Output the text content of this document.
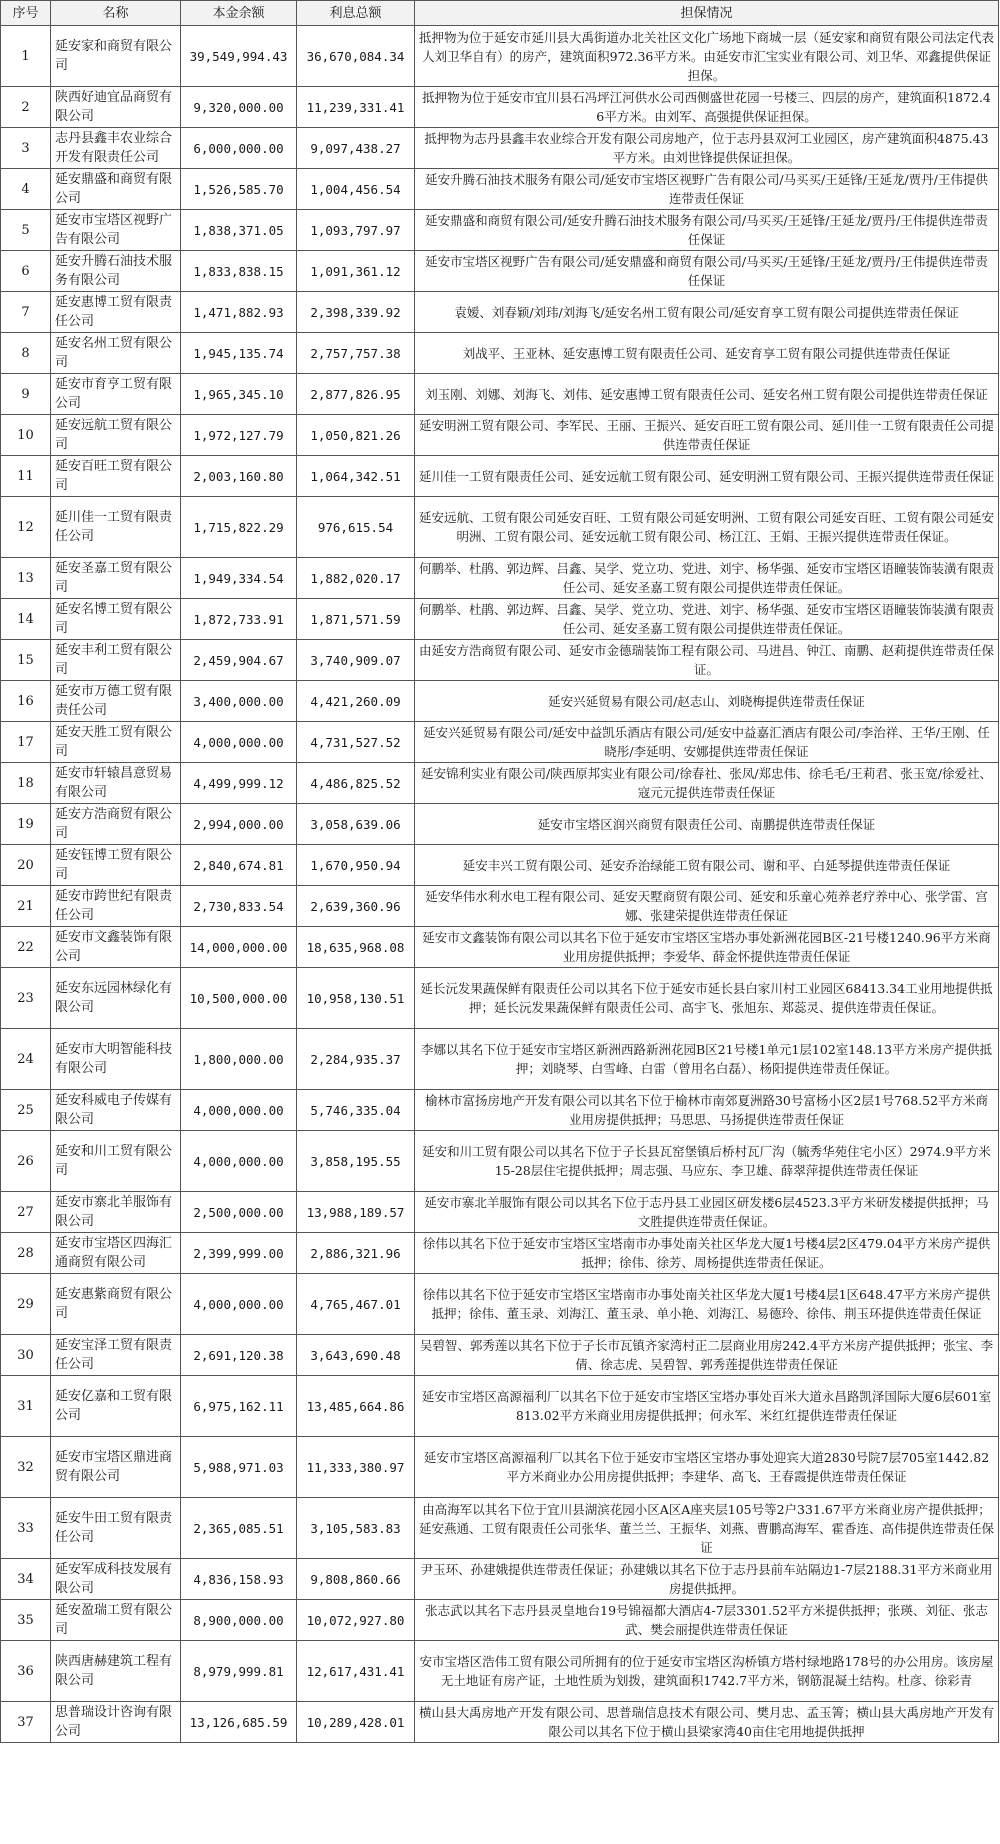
序号	名称	本金余额	利息总额	担保情况
1	延安家和商贸有限公司	39,549,994.43	36,670,084.34	抵押物为位于延安市延川县大禹街道办北关社区文化广场地下商城一层（延安家和商贸有限公司法定代表人刘卫华自有）的房产，建筑面积972.36平方米。由延安市汇宝实业有限公司、刘卫华、邓鑫提供保证担保。
2	陕西好迪宜品商贸有限公司	9,320,000.00	11,239,331.41	抵押物为位于延安市宜川县石冯坪江河供水公司西侧盛世花园一号楼三、四层的房产，建筑面积1872.46平方米。由刘军、高强提供保证担保。
3	志丹县鑫丰农业综合开发有限责任公司	6,000,000.00	9,097,438.27	抵押物为志丹县鑫丰农业综合开发有限公司房地产，位于志丹县双河工业园区，房产建筑面积4875.43平方米。由刘世锋提供保证担保。
4	延安鼎盛和商贸有限公司	1,526,585.70	1,004,456.54	延安升腾石油技术服务有限公司/延安市宝塔区视野广告有限公司/马买买/王延锋/王延龙/贾丹/王伟提供连带责任保证
5	延安市宝塔区视野广告有限公司	1,838,371.05	1,093,797.97	延安鼎盛和商贸有限公司/延安升腾石油技术服务有限公司/马买买/王延锋/王延龙/贾丹/王伟提供连带责任保证
6	延安升腾石油技术服务有限公司	1,833,838.15	1,091,361.12	延安市宝塔区视野广告有限公司/延安鼎盛和商贸有限公司/马买买/王延锋/王延龙/贾丹/王伟提供连带责任保证
7	延安惠博工贸有限责任公司	1,471,882.93	2,398,339.92	袁嫒、刘春颖/刘玮/刘海飞/延安名州工贸有限公司/延安育享工贸有限公司提供连带责任保证
8	延安名州工贸有限公司	1,945,135.74	2,757,757.38	刘战平、王亚林、延安惠博工贸有限责任公司、延安育享工贸有限公司提供连带责任保证
9	延安市育亨工贸有限公司	1,965,345.10	2,877,826.95	刘玉刚、刘娜、刘海飞、刘伟、延安惠博工贸有限责任公司、延安名州工贸有限公司提供连带责任保证
10	延安远航工贸有限公司	1,972,127.79	1,050,821.26	延安明洲工贸有限公司、李军民、王丽、王振兴、延安百旺工贸有限公司、延川佳一工贸有限责任公司提供连带责任保证
11	延安百旺工贸有限公司	2,003,160.80	1,064,342.51	延川佳一工贸有限责任公司、延安远航工贸有限公司、延安明洲工贸有限公司、王振兴提供连带责任保证
12	延川佳一工贸有限责任公司	1,715,822.29	976,615.54	延安远航、工贸有限公司延安百旺、工贸有限公司延安明洲、工贸有限公司延安百旺、工贸有限公司延安明洲、工贸有限公司、延安远航工贸有限公司、杨江江、王娟、王振兴提供连带责任保证。
13	延安圣嘉工贸有限公司	1,949,334.54	1,882,020.17	何鹏举、杜鹃、郭边辉、吕鑫、吴学、党立功、党进、刘宇、杨华强、延安市宝塔区语瞳装饰装潢有限责任公司、延安圣嘉工贸有限公司提供连带责任保证。
14	延安名博工贸有限公司	1,872,733.91	1,871,571.59	何鹏举、杜鹃、郭边辉、吕鑫、吴学、党立功、党进、刘宇、杨华强、延安市宝塔区语瞳装饰装潢有限责任公司、延安圣嘉工贸有限公司提供连带责任保证。
15	延安丰利工贸有限公司	2,459,904.67	3,740,909.07	由延安方浩商贸有限公司、延安市金德瑞装饰工程有限公司、马进昌、钟江、南鹏、赵莉提供连带责任保证。
16	延安市万德工贸有限责任公司	3,400,000.00	4,421,260.09	延安兴延贸易有限公司/赵志山、刘晓梅提供连带责任保证
17	延安天胜工贸有限公司	4,000,000.00	4,731,527.52	延安兴延贸易有限公司/延安中益凯乐酒店有限公司/延安中益嘉汇酒店有限公司/李治祥、王华/王刚、任晓彤/李延明、安娜提供连带责任保证
18	延安市轩辕昌意贸易有限公司	4,499,999.12	4,486,825.52	延安锦利实业有限公司/陕西原邦实业有限公司/徐春社、张凤/郑忠伟、徐毛毛/王莉君、张玉宽/徐爱社、寇元元提供连带责任保证
19	延安方浩商贸有限公司	2,994,000.00	3,058,639.06	延安市宝塔区润兴商贸有限责任公司、南鹏提供连带责任保证
20	延安钰博工贸有限公司	2,840,674.81	1,670,950.94	延安丰兴工贸有限公司、延安乔治绿能工贸有限公司、谢和平、白延琴提供连带责任保证
21	延安市跨世纪有限责任公司	2,730,833.54	2,639,360.96	延安华伟水利水电工程有限公司、延安天墅商贸有限公司、延安和乐童心苑养老疗养中心、张学雷、宫娜、张建荣提供连带责任保证
22	延安市文鑫装饰有限公司	14,000,000.00	18,635,968.08	延安市文鑫装饰有限公司以其名下位于延安市宝塔区宝塔办事处新洲花园B区-21号楼1240.96平方米商业用房提供抵押；李爱华、薛金怀提供连带责任保证
23	延安东远园林绿化有限公司	10,500,000.00	10,958,130.51	延长沅发果蔬保鲜有限责任公司以其名下位于延安市延长县白家川村工业园区68413.34工业用地提供抵押；延长沅发果蔬保鲜有限责任公司、高宇飞、张旭东、郑蕊灵、提供连带责任保证。
24	延安市大明智能科技有限公司	1,800,000.00	2,284,935.37	李娜以其名下位于延安市宝塔区新洲西路新洲花园B区21号楼1单元1层102室148.13平方米房产提供抵押；刘晓琴、白雪峰、白雷（曾用名白磊）、杨阳提供连带责任保证。
25	延安科威电子传媒有限公司	4,000,000.00	5,746,335.04	榆林市富扬房地产开发有限公司以其名下位于榆林市南郊夏洲路30号富杨小区2层1号768.52平方米商业用房提供抵押；马思思、马扬提供连带责任保证
26	延安和川工贸有限公司	4,000,000.00	3,858,195.55	延安和川工贸有限公司以其名下位于子长县瓦窑堡镇后桥村瓦厂沟（毓秀华苑住宅小区）2974.9平方米15-28层住宅提供抵押；周志强、马应东、李卫雄、薛翠萍提供连带责任保证
27	延安市寨北羊服饰有限公司	2,500,000.00	13,988,189.57	延安市寨北羊服饰有限公司以其名下位于志丹县工业园区研发楼6层4523.3平方米研发楼提供抵押；马文胜提供连带责任保证。
28	延安市宝塔区四海汇通商贸有限公司	2,399,999.00	2,886,321.96	徐伟以其名下位于延安市宝塔区宝塔南市办事处南关社区华龙大厦1号楼4层2区479.04平方米房产提供抵押；徐伟、徐芳、周杨提供连带责任保证。
29	延安惠紫商贸有限公司	4,000,000.00	4,765,467.01	徐伟以其名下位于延安市宝塔区宝塔南市办事处南关社区华龙大厦1号楼4层1区648.47平方米房产提供抵押；徐伟、董玉录、刘海江、董玉录、单小艳、刘海江、易德玲、徐伟、荆玉环提供连带责任保证
30	延安宝泽工贸有限责任公司	2,691,120.38	3,643,690.48	吴碧智、郭秀莲以其名下位于子长市瓦镇齐家湾村正二层商业用房242.4平方米房产提供抵押；张宝、李倩、徐志虎、吴碧智、郭秀莲提供连带责任保证
31	延安亿嘉和工贸有限公司	6,975,162.11	13,485,664.86	延安市宝塔区高源福利厂以其名下位于延安市宝塔区宝塔办事处百米大道永昌路凯泽国际大厦6层601室813.02平方米商业用房提供抵押；何永军、米红红提供连带责任保证
32	延安市宝塔区鼎进商贸有限公司	5,988,971.03	11,333,380.97	延安市宝塔区高源福利厂以其名下位于延安市宝塔区宝塔办事处迎宾大道2830号院7层705室1442.82平方米商业办公用房提供抵押；李建华、高飞、王春霞提供连带责任保证
33	延安牛田工贸有限责任公司	2,365,085.51	3,105,583.83	由高海军以其名下位于宜川县湖滨花园小区A区A座夹层105号等2户331.67平方米商业房产提供抵押；延安燕通、工贸有限责任公司张华、董兰兰、王振华、刘燕、曹鹏高海军、霍香连、高伟提供连带责任保证
34	延安军成科技发展有限公司	4,836,158.93	9,808,860.66	尹玉环、孙建娥提供连带责任保证；孙建娥以其名下位于志丹县前车站隔边1-7层2188.31平方米商业用房提供抵押。
35	延安盈瑞工贸有限公司	8,900,000.00	10,072,927.80	张志武以其名下志丹县灵皇地台19号锦福都大酒店4-7层3301.52平方米提供抵押；张瑛、刘征、张志武、樊会丽提供连带责任保证
36	陕西唐赫建筑工程有限公司	8,979,999.81	12,617,431.41	安市宝塔区浩伟工贸有限公司所拥有的位于延安市宝塔区沟桥镇方塔村绿地路178号的办公用房。该房屋无土地证有房产证，土地性质为划拨，建筑面积1742.7平方米，钢筋混凝土结构。杜彦、徐彩青
37	思普瑞设计咨询有限公司	13,126,685.59	10,289,428.01	横山县大禹房地产开发有限公司、思普瑞信息技术有限公司、樊月忠、孟玉箐；横山县大禹房地产开发有限公司以其名下位于横山县梁家湾40亩住宅用地提供抵押
